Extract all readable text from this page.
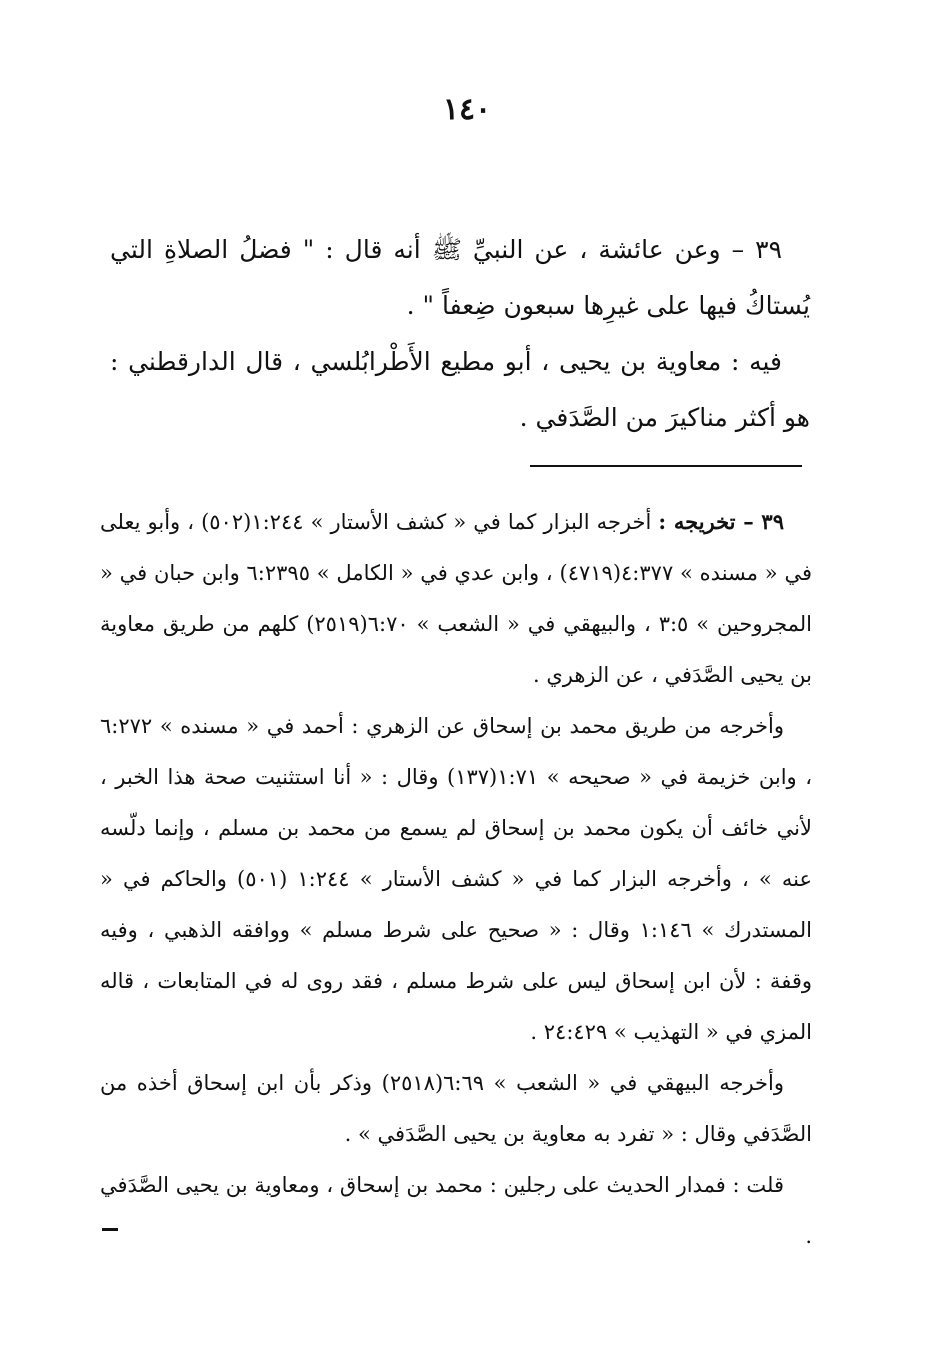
١٤٠

٣٩ – وعن عائشة ، عن النبيِّ ﷺ أنه قال : " فضلُ الصلاةِ التي يُستاكُ فيها على غيرِها سبعون ضِعفاً " .

فيه : معاوية بن يحيى ، أبو مطيع الأَطْرابُلسي ، قال الدارقطني : هو أكثر مناكيرَ من الصَّدَفي .

٣٩ – تخريجه : أخرجه البزار كما في « كشف الأستار » ١:٢٤٤(٥٠٢) ، وأبو يعلى في « مسنده » ٤:٣٧٧(٤٧١٩) ، وابن عدي في « الكامل » ٦:٢٣٩٥ وابن حبان في « المجروحين » ٣:٥ ، والبيهقي في « الشعب » ٦:٧٠(٢٥١٩) كلهم من طريق معاوية بن يحيى الصَّدَفي ، عن الزهري .

وأخرجه من طريق محمد بن إسحاق عن الزهري : أحمد في « مسنده » ٦:٢٧٢ ، وابن خزيمة في « صحيحه » ١:٧١(١٣٧) وقال : « أنا استثنيت صحة هذا الخبر ، لأني خائف أن يكون محمد بن إسحاق لم يسمع من محمد بن مسلم ، وإنما دلّسه عنه » ، وأخرجه البزار كما في « كشف الأستار » ١:٢٤٤ (٥٠١) والحاكم في « المستدرك » ١:١٤٦ وقال : « صحيح على شرط مسلم » ووافقه الذهبي ، وفيه وقفة : لأن ابن إسحاق ليس على شرط مسلم ، فقد روى له في المتابعات ، قاله المزي في « التهذيب » ٢٤:٤٢٩ .

وأخرجه البيهقي في « الشعب » ٦:٦٩(٢٥١٨) وذكر بأن ابن إسحاق أخذه من الصَّدَفي وقال : « تفرد به معاوية بن يحيى الصَّدَفي » .

قلت : فمدار الحديث على رجلين : محمد بن إسحاق ، ومعاوية بن يحيى الصَّدَفي .
